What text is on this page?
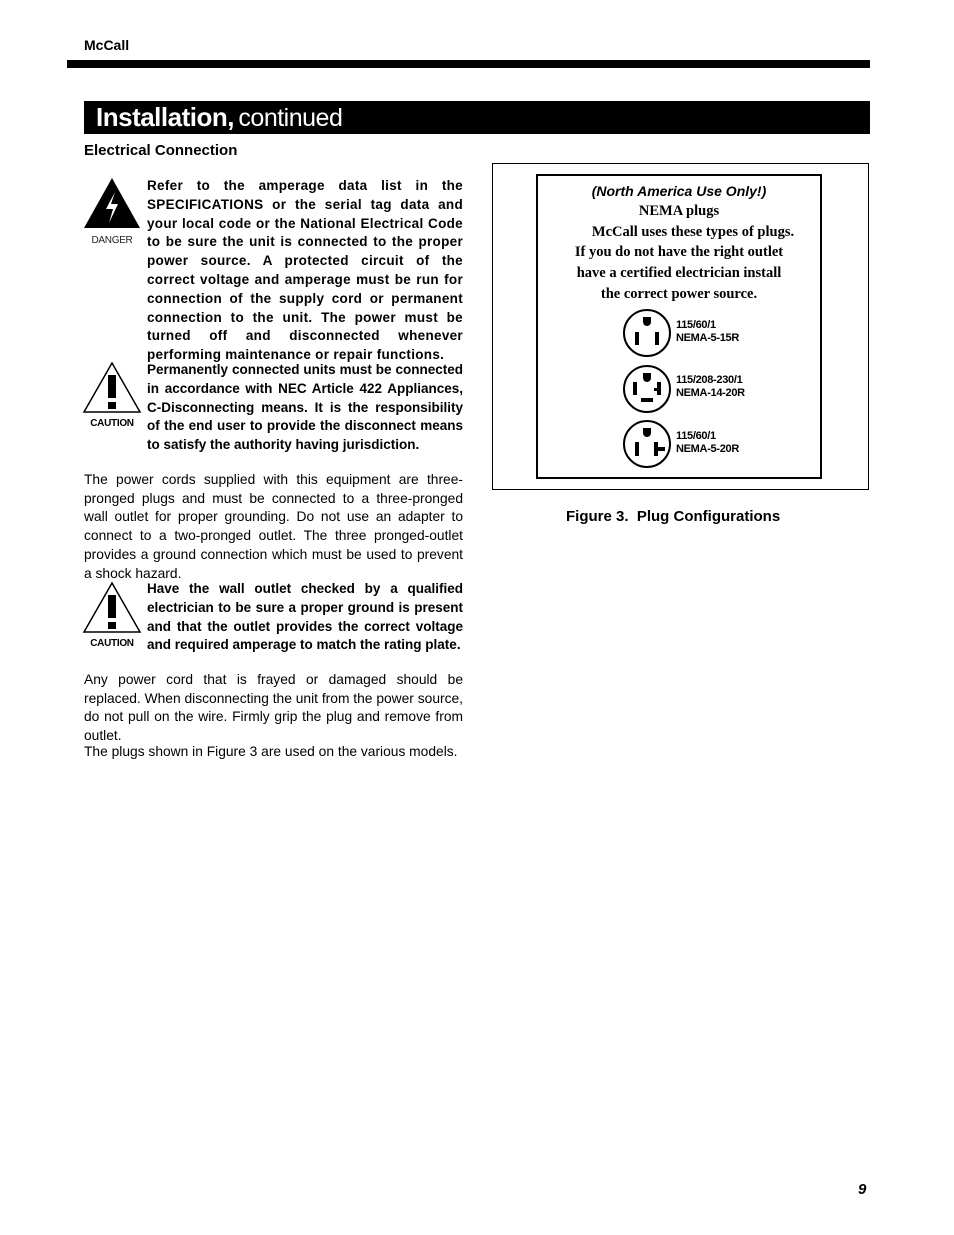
McCall
Installation, continued
Electrical Connection
DANGER
Refer to the amperage data list in the SPECIFICATIONS or the serial tag data and your local code or the National Electrical Code to be sure the unit is connected to the proper power source. A protected circuit of the correct voltage and amperage must be run for connection of the supply cord or permanent connection to the unit. The power must be turned off and disconnected whenever performing maintenance or repair functions.
CAUTION
Permanently connected units must be connected in accordance with NEC Article 422 Appliances, C-Disconnecting means. It is the responsibility of the end user to provide the disconnect means to satisfy the authority having jurisdiction.
The power cords supplied with this equipment are three-pronged plugs and must be connected to a three-pronged wall outlet for proper grounding. Do not use an adapter to connect to a two-pronged outlet. The three pronged-outlet provides a ground connection which must be used to prevent a shock hazard.
CAUTION
Have the wall outlet checked by a qualified electrician to be sure a proper ground is present and that the outlet provides the correct voltage and required amperage to match the rating plate.
Any power cord that is frayed or damaged should be replaced. When disconnecting the unit from the power source, do not pull on the wire. Firmly grip the plug and remove from outlet.
The plugs shown in Figure 3 are used on the various models.
(North America Use Only!)
NEMA plugs
McCall uses these types of plugs.
If you do not have the right outlet
have a certified electrician install
the correct power source.
115/60/1
NEMA-5-15R
115/208-230/1
NEMA-14-20R
115/60/1
NEMA-5-20R
Figure 3.  Plug Configurations
9
